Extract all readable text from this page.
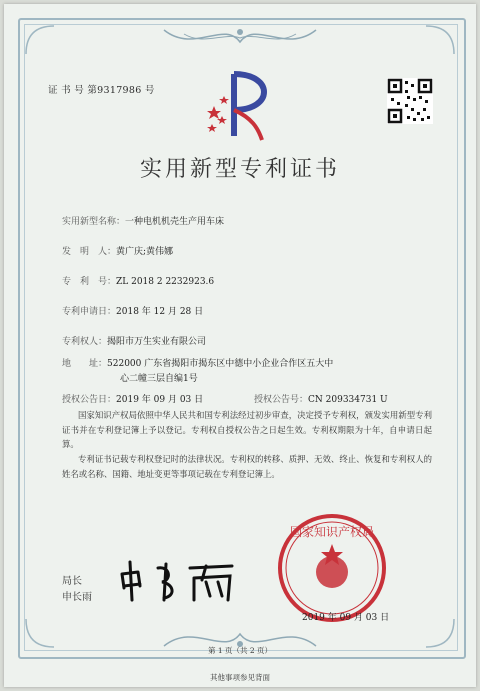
证 书 号 第9317986 号
实用新型专利证书
实用新型名称：一种电机机壳生产用车床
发　明　人：黄广庆;黄伟娜
专　利　号：ZL 2018 2 2232923.6
专利申请日：2018 年 12 月 28 日
专利权人：揭阳市万生实业有限公司
地　　址：522000 广东省揭阳市揭东区中德中小企业合作区五大中
心二幢三层自编1号
授权公告日：2019 年 09 月 03 日	授权公告号：CN 209334731 U
国家知识产权局依照中华人民共和国专利法经过初步审查，决定授予专利权，颁发实用新型专利证书并在专利登记簿上予以登记。专利权自授权公告之日起生效。专利权期限为十年，自申请日起算。
专利证书记载专利权登记时的法律状况。专利权的转移、质押、无效、终止、恢复和专利权人的姓名或名称、国籍、地址变更等事项记载在专利登记簿上。
局长
申长雨
国家知识产权局
2019 年 09 月 03 日
第 1 页（共 2 页）
其他事项参见背面
